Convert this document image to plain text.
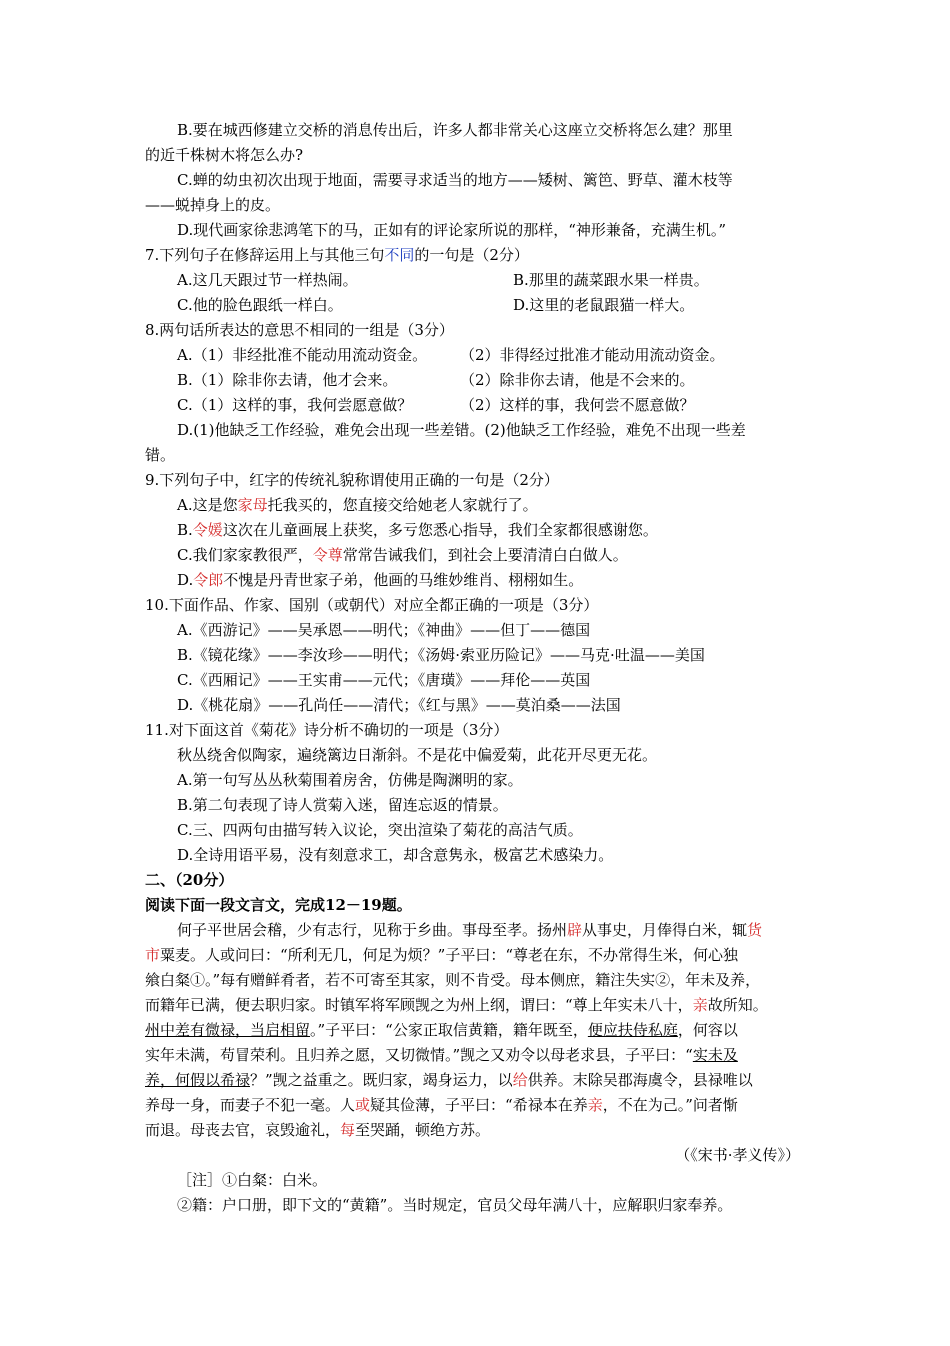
B.要在城西修建立交桥的消息传出后，许多人都非常关心这座立交桥将怎么建？那里
的近千株树木将怎么办?
C.蝉的幼虫初次出现于地面，需要寻求适当的地方——矮树、篱笆、野草、灌木枝等
——蜕掉身上的皮。
D.现代画家徐悲鸿笔下的马，正如有的评论家所说的那样，“神形兼备，充满生机。”
7.下列句子在修辞运用上与其他三句不同的一句是（2分）
A.这几天跟过节一样热闹。	B.那里的蔬菜跟水果一样贵。
C.他的脸色跟纸一样白。	D.这里的老鼠跟猫一样大。
8.两句话所表达的意思不相同的一组是（3分）
A.（1）非经批准不能动用流动资金。 （2）非得经过批准才能动用流动资金。
B.（1）除非你去请，他才会来。	（2）除非你去请，他是不会来的。
C.（1）这样的事，我何尝愿意做？	（2）这样的事，我何尝不愿意做？
D.(1)他缺乏工作经验，难免会出现一些差错。(2)他缺乏工作经验，难免不出现一些差
错。
9.下列句子中，红字的传统礼貌称谓使用正确的一句是（2分）
A.这是您家母托我买的，您直接交给她老人家就行了。
B.令媛这次在儿童画展上获奖，多亏您悉心指导，我们全家都很感谢您。
C.我们家家教很严，令尊常常告诫我们，到社会上要清清白白做人。
D.令郎不愧是丹青世家子弟，他画的马维妙维肖、栩栩如生。
10.下面作品、作家、国别（或朝代）对应全都正确的一项是（3分）
A.《西游记》——吴承恩——明代；《神曲》——但丁——德国
B.《镜花缘》——李汝珍——明代；《汤姆·索亚历险记》——马克·吐温——美国
C.《西厢记》——王实甫——元代；《唐璜》——拜伦——英国
D.《桃花扇》——孔尚任——清代；《红与黑》——莫泊桑——法国
11.对下面这首《菊花》诗分析不确切的一项是（3分）
秋丛绕舍似陶家，遍绕篱边日渐斜。不是花中偏爱菊，此花开尽更无花。
A.第一句写丛丛秋菊围着房舍，仿佛是陶渊明的家。
B.第二句表现了诗人赏菊入迷，留连忘返的情景。
C.三、四两句由描写转入议论，突出渲染了菊花的高洁气质。
D.全诗用语平易，没有刻意求工，却含意隽永，极富艺术感染力。
二、（20分）
阅读下面一段文言文，完成12－19题。
何子平世居会稽，少有志行，见称于乡曲。事母至孝。扬州辟从事史，月俸得白米，辄货
市粟麦。人或问曰：“所利无几，何足为烦？”子平曰：“尊老在东，不办常得生米，何心独
飨白粲①。”每有赠鲜肴者，若不可寄至其家，则不肯受。母本侧庶，籍注失实②，年未及养，
而籍年已满，便去职归家。时镇军将军顾觊之为州上纲，谓曰：“尊上年实未八十，亲故所知。
州中差有微禄，当启相留。”子平曰：“公家正取信黄籍，籍年既至，便应扶侍私庭，何容以
实年未满，苟冒荣利。且归养之愿，又切微情。”觊之又劝令以母老求县，子平曰：“实未及
养，何假以希禄？”觊之益重之。既归家，竭身运力，以给供养。末除吴郡海虞令，县禄唯以
养母一身，而妻子不犯一毫。人或疑其俭薄，子平曰：“希禄本在养亲，不在为己。”问者惭
而退。母丧去官，哀毁逾礼，每至哭踊，顿绝方苏。
（《宋书·孝义传》）
［注］①白粲：白米。
②籍：户口册，即下文的“黄籍”。当时规定，官员父母年满八十，应解职归家奉养。
